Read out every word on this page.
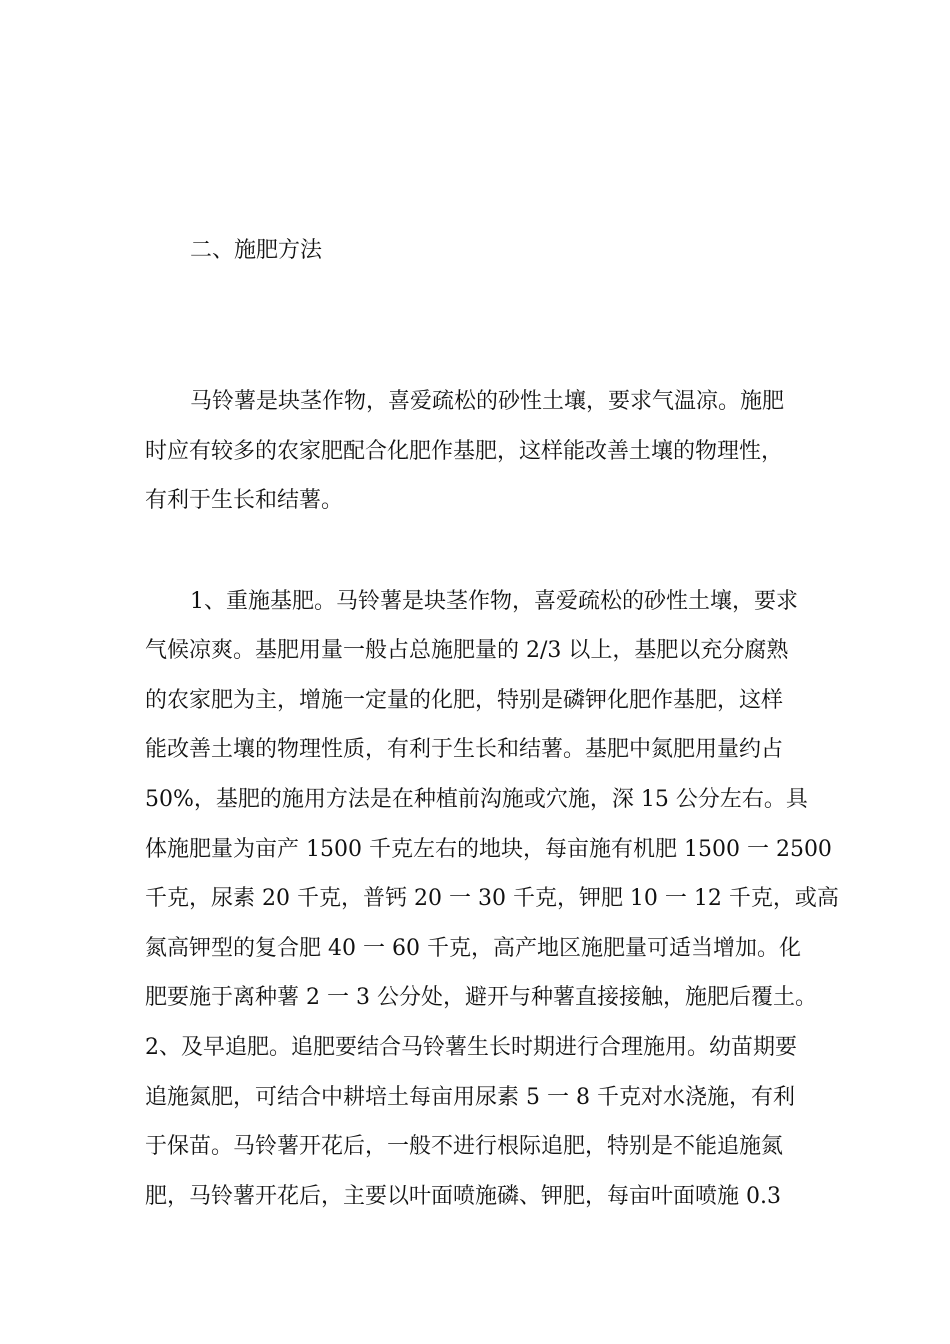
二、施肥方法
马铃薯是块茎作物，喜爱疏松的砂性土壤，要求气温凉。施肥
时应有较多的农家肥配合化肥作基肥，这样能改善土壤的物理性，
有利于生长和结薯。
1、重施基肥。马铃薯是块茎作物，喜爱疏松的砂性土壤，要求
气候凉爽。基肥用量一般占总施肥量的 2/3 以上，基肥以充分腐熟
的农家肥为主，增施一定量的化肥，特别是磷钾化肥作基肥，这样
能改善土壤的物理性质，有利于生长和结薯。基肥中氮肥用量约占
50%，基肥的施用方法是在种植前沟施或穴施，深 15 公分左右。具
体施肥量为亩产 1500 千克左右的地块，每亩施有机肥 1500 一 2500
千克，尿素 20 千克，普钙 20 一 30 千克，钾肥 10 一 12 千克，或高
氮高钾型的复合肥 40 一 60 千克，高产地区施肥量可适当增加。化
肥要施于离种薯 2 一 3 公分处，避开与种薯直接接触，施肥后覆土。
2、及早追肥。追肥要结合马铃薯生长时期进行合理施用。幼苗期要
追施氮肥，可结合中耕培土每亩用尿素 5 一 8 千克对水浇施，有利
于保苗。马铃薯开花后，一般不进行根际追肥，特别是不能追施氮
肥，马铃薯开花后，主要以叶面喷施磷、钾肥，每亩叶面喷施 0.3
